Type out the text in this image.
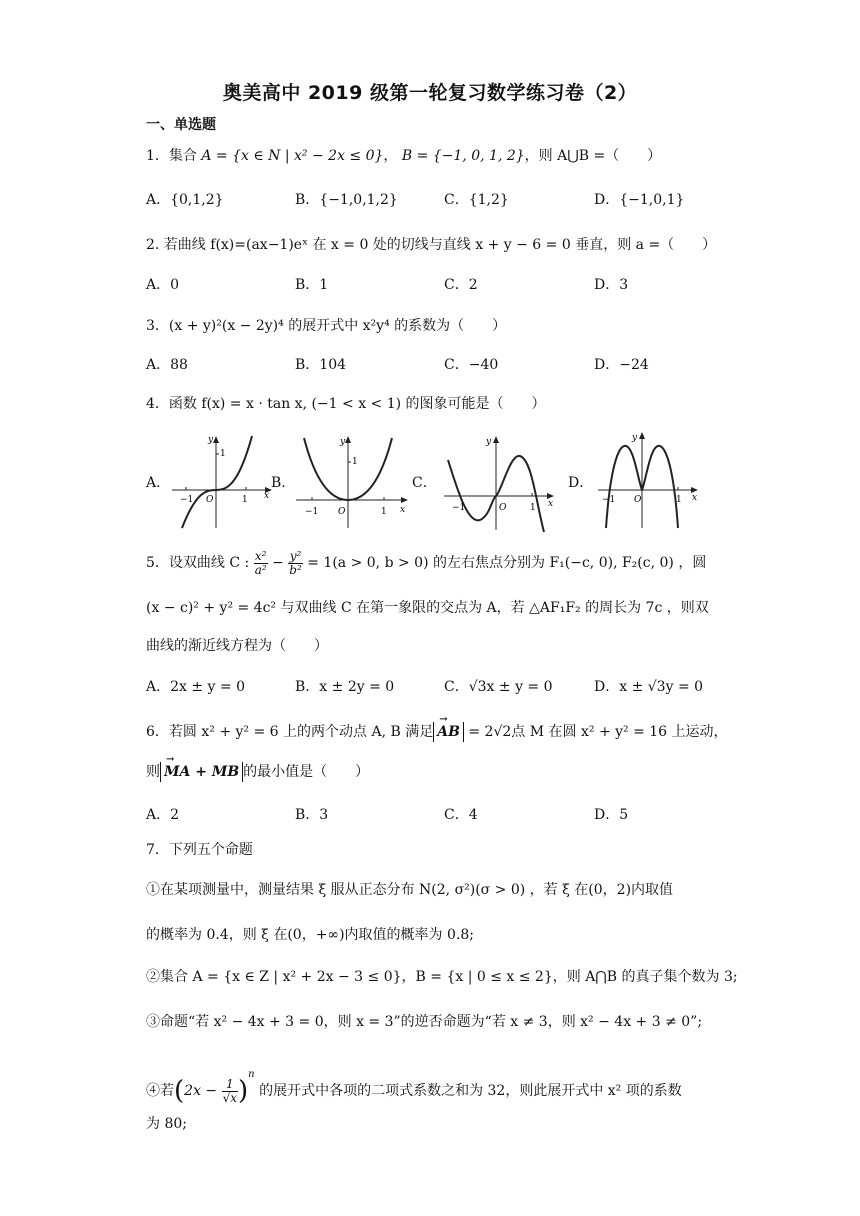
奥美高中 2019 级第一轮复习数学练习卷（2）
一、单选题
1．集合 A = {x ∈ N | x² − 2x ≤ 0}， B = {−1, 0, 1, 2}，则 A⋃B =（　　）
A．{0,1,2}	B．{−1,0,1,2}	C．{1,2}	D．{−1,0,1}
2. 若曲线 f(x)=(ax−1)eˣ 在 x = 0 处的切线与直线 x + y − 6 = 0 垂直，则 a =（　　）
A．0	B．1	C．2	D．3
3．(x + y)²(x − 2y)⁴ 的展开式中 x²y⁴ 的系数为（　　）
A．88	B．104	C．−40	D．−24
4．函数 f(x) = x · tan x, (−1 < x < 1) 的图象可能是（　　）
A．	B.	C．	D．
−1	1 x
y
1
O
−1	1 x
y
1
O	−1	1 x
y
O
−1	1 x
y
O
5．设双曲线 C : $\frac{\text{x²}}{\text{a²}} - \frac{\text{y²}}{\text{b²}} = 1(a > 0$, b > 0) 的左右焦点分别为 F₁(−c, 0), F₂(c, 0) ，圆
(x − c)² + y² = 4c² 与双曲线 C 在第一象限的交点为 A，若 △AF₁F₂ 的周长为 7c ，则双
曲线的渐近线方程为（　　）
A．2x ± y = 0	B．x ± 2y = 0	C．√3x ± y = 0	D．x ± √3y = 0
6．若圆 x² + y² = 6 上的两个动点 A, B 满足 → AB = 2√2点 M 在圆 x² + y² = 16 上运动，
则 → MA + MB 的最小值是（　　）
A．2	B．3	C．4	D．5
7．下列五个命题
①在某项测量中，测量结果 ξ 服从正态分布 N(2, σ²)(σ > 0) ，若 ξ 在(0，2)内取值
的概率为 0.4，则 ξ 在(0，+∞)内取值的概率为 0.8;
②集合 A = {x ∈ Z | x² + 2x − 3 ≤ 0}，B = {x | 0 ≤ x ≤ 2}，则 A⋂B 的真子集个数为 3;
③命题“若 x² − 4x + 3 = 0，则 x = 3”的逆否命题为“若 x ≠ 3，则 x² − 4x + 3 ≠ 0”;
④若$(2x - \frac{1}{√x} )^n$ 的展开式中各项的二项式系数之和为 32，则此展开式中 x² 项的系数
为 80;
